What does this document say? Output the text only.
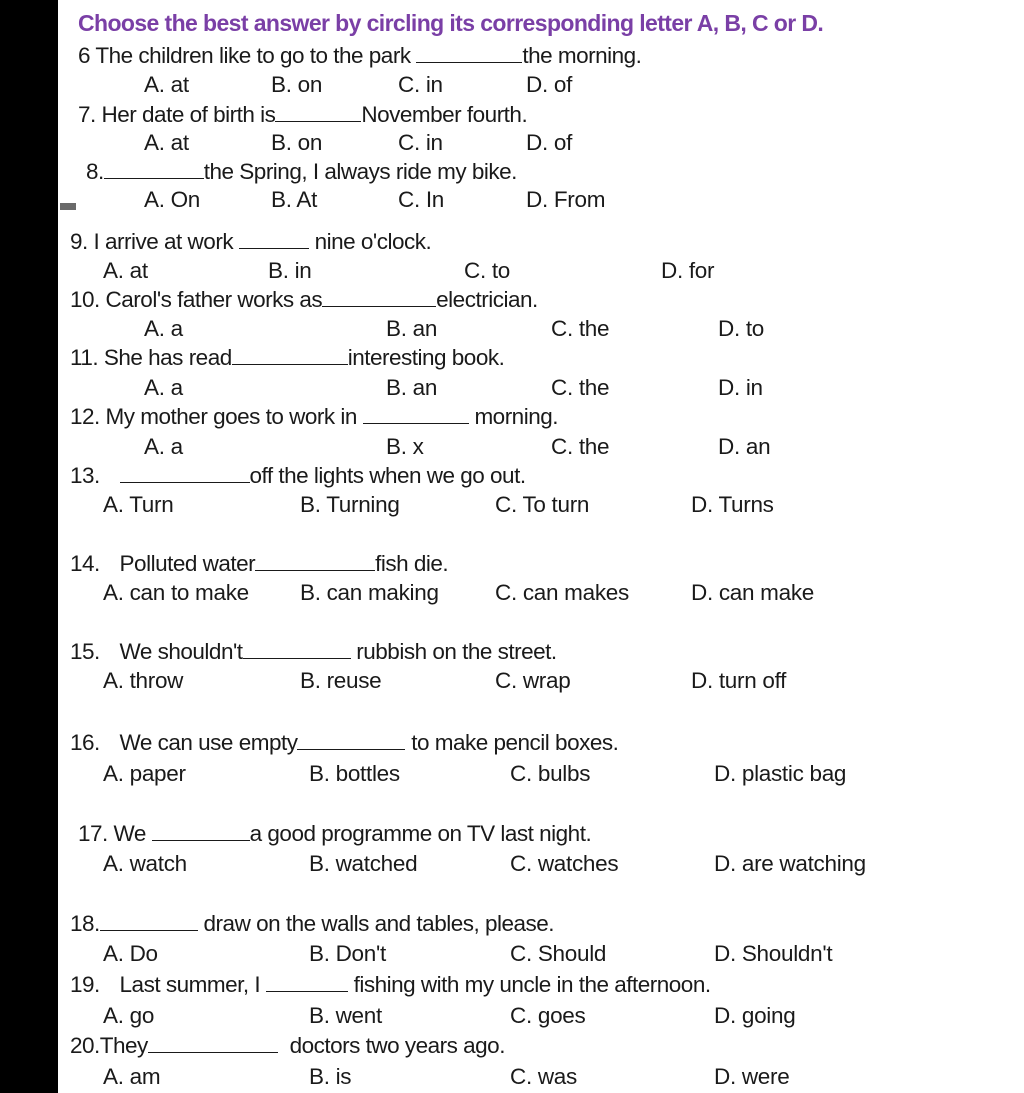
Choose the best answer by circling its corresponding letter A, B, C or D.
6 The children like to go to the park	the morning.
A. at	B. on	C. in	D. of
7. Her date of birth is	November fourth.
A. at	B. on	C. in	D. of
8.	the Spring, I always ride my bike.
A. On	B. At	C. In	D. From
9. I arrive at work	nine o'clock.
A. at	B. in	C. to	D. for
10. Carol's father works as	electrician.
A. a	B. an	C. the	D. to
11. She has read	interesting book.
A. a	B. an	C. the	D. in
12. My mother goes to work in	morning.
A. a	B. x	C. the	D. an
13.	off the lights when we go out.
A. Turn	B. Turning	C. To turn	D. Turns
14. Polluted water	fish die.
A. can to make B. can making	C. can makes	D. can make
15. We shouldn't	rubbish on the street.
A. throw	B. reuse	C. wrap	D. turn off
16. We can use empty	to make pencil boxes.
A. paper	B. bottles	C. bulbs	D. plastic bag
17. We	a good programme on TV last night.
A. watch	B. watched	C. watches	D. are watching
18.	draw on the walls and tables, please.
A. Do	B. Don't	C. Should	D. Shouldn't
19. Last summer, I	fishing with my uncle in the afternoon.
A. go	B. went	C. goes	D. going
20.They	doctors two years ago.
A. am	B. is	C. was	D. were
